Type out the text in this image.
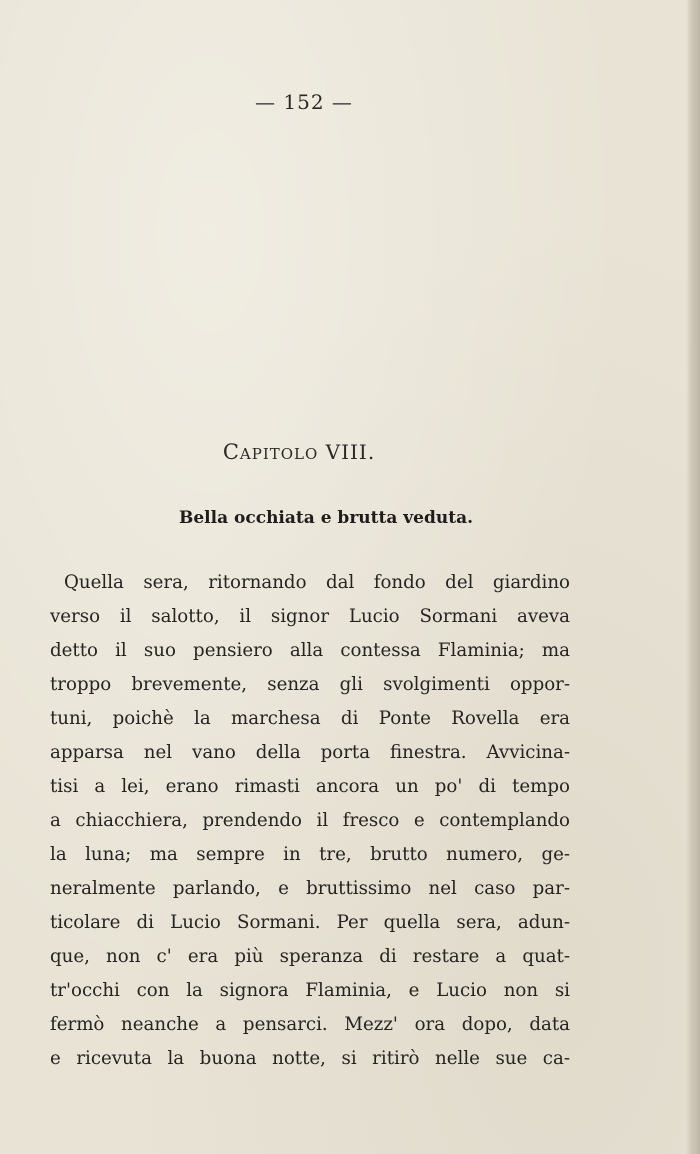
— 152 —
CAPITOLO VIII.
Bella occhiata e brutta veduta.
Quella sera, ritornando dal fondo del giardino
verso il salotto, il signor Lucio Sormani aveva
detto il suo pensiero alla contessa Flaminia; ma
troppo brevemente, senza gli svolgimenti oppor-
tuni, poichè la marchesa di Ponte Rovella era
apparsa nel vano della porta finestra. Avvicina-
tisi a lei, erano rimasti ancora un po' di tempo
a chiacchiera, prendendo il fresco e contemplando
la luna; ma sempre in tre, brutto numero, ge-
neralmente parlando, e bruttissimo nel caso par-
ticolare di Lucio Sormani. Per quella sera, adun-
que, non c' era più speranza di restare a quat-
tr'occhi con la signora Flaminia, e Lucio non si
fermò neanche a pensarci. Mezz' ora dopo, data
e ricevuta la buona notte, si ritirò nelle sue ca-
